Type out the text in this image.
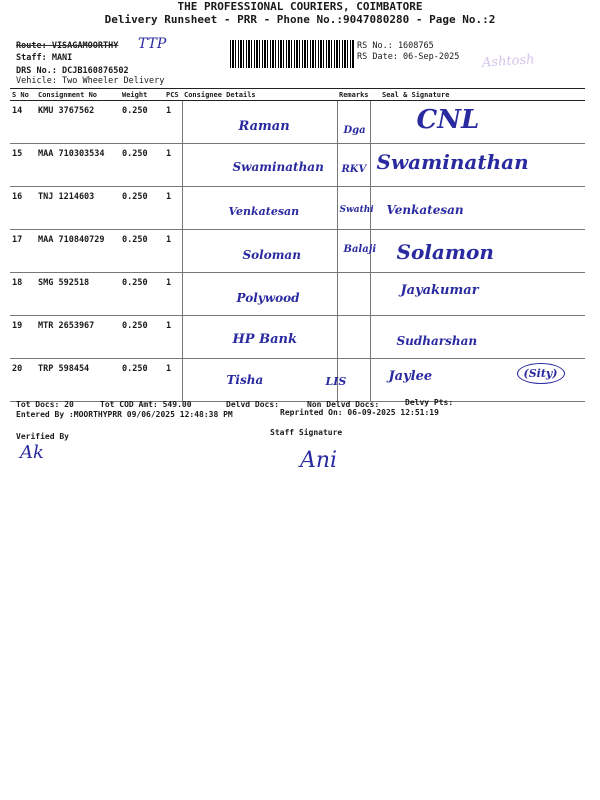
THE PROFESSIONAL COURIERS, COIMBATORE
Delivery Runsheet - PRR - Phone No.:9047080280 - Page No.:2
Route: VISAGAMOORTHY TTP
Staff: MANI
DRS No.: DCJB160876502
Vehicle: Two Wheeler Delivery
RS No.: 1608765
RS Date: 06-Sep-2025 Ashtosh
S No	Consignment No	Weight	PCS	Consignee Details	Remarks	Seal & Signature
14	KMU 3767562	0.250	1	Raman	Dga	CNL

15	MAA 710303534	0.250	1	Swaminathan	RKV	Swaminathan

16	TNJ 1214603	0.250	1	Venkatesan	Swathi	Venkatesan

17	MAA 710840729	0.250	1	Soloman	Balaji	Solamon

18	SMG 592518	0.250	1	Polywood		Jayakumar

19	MTR 2653967	0.250	1	HP Bank		Sudharshan

20	TRP 598454	0.250	1	Tisha	LIS	Jaylee (Sity)
Tot Docs: 20	Tot COD Amt: 549.00	Delvd Docs:	Non Delvd Docs:	Delvy Pts:
Entered By :MOORTHYPRR 09/06/2025 12:48:38 PM	Reprinted On: 06-09-2025 12:51:19
Verified By
Ak
Staff Signature
Ani
